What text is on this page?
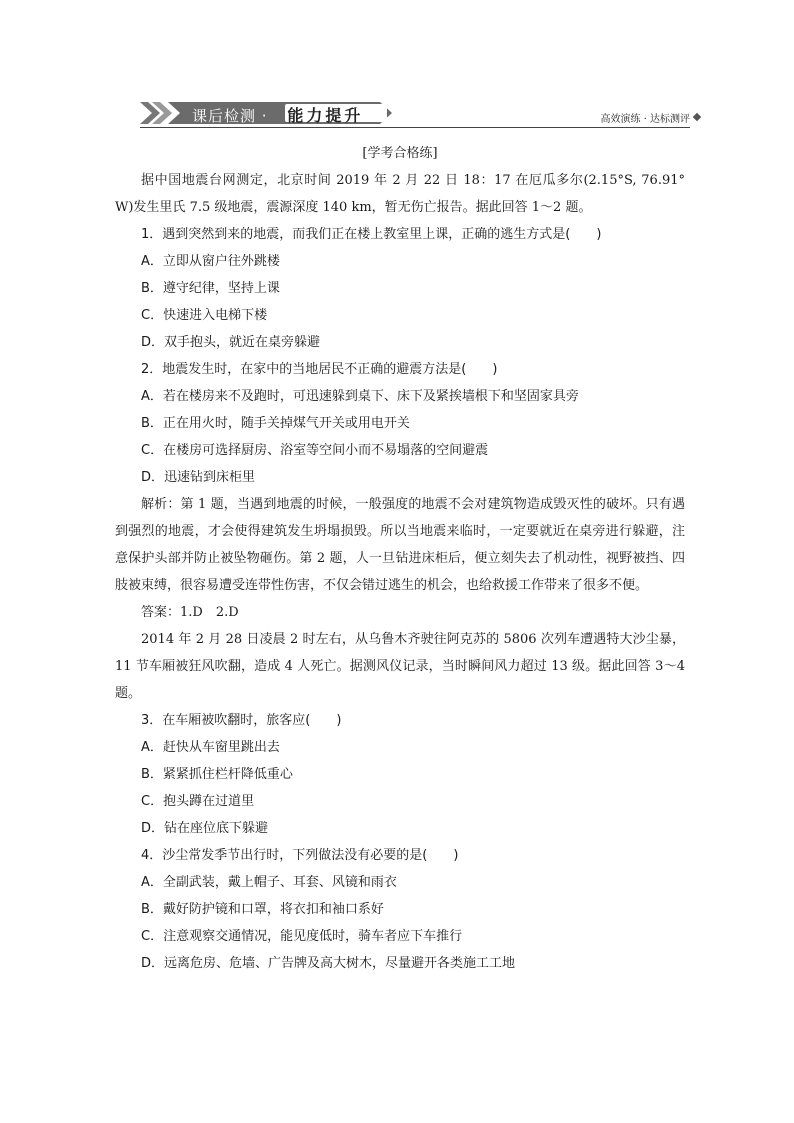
课后检测 · 能力提升	高效演练 · 达标测评
[学考合格练]

据中国地震台网测定，北京时间 2019 年 2 月 22 日 18：17 在厄瓜多尔(2.15°S, 76.91° W)发生里氏 7.5 级地震，震源深度 140 km，暂无伤亡报告。据此回答 1～2 题。

1．遇到突然到来的地震，而我们正在楼上教室里上课，正确的逃生方式是(　　)

A．立即从窗户往外跳楼

B．遵守纪律，坚持上课

C．快速进入电梯下楼

D．双手抱头，就近在桌旁躲避

2．地震发生时，在家中的当地居民不正确的避震方法是(　　)

A．若在楼房来不及跑时，可迅速躲到桌下、床下及紧挨墙根下和坚固家具旁

B．正在用火时，随手关掉煤气开关或用电开关

C．在楼房可选择厨房、浴室等空间小而不易塌落的空间避震

D．迅速钻到床柜里

解析：第 1 题，当遇到地震的时候，一般强度的地震不会对建筑物造成毁灭性的破坏。只有遇到强烈的地震，才会使得建筑发生坍塌损毁。所以当地震来临时，一定要就近在桌旁进行躲避，注意保护头部并防止被坠物砸伤。第 2 题，人一旦钻进床柜后，便立刻失去了机动性，视野被挡、四肢被束缚，很容易遭受连带性伤害，不仅会错过逃生的机会，也给救援工作带来了很多不便。

答案：1.D　2.D

2014 年 2 月 28 日凌晨 2 时左右，从乌鲁木齐驶往阿克苏的 5806 次列车遭遇特大沙尘暴，11 节车厢被狂风吹翻，造成 4 人死亡。据测风仪记录，当时瞬间风力超过 13 级。据此回答 3～4 题。

3．在车厢被吹翻时，旅客应(　　)

A．赶快从车窗里跳出去

B．紧紧抓住栏杆降低重心

C．抱头蹲在过道里

D．钻在座位底下躲避

4．沙尘常发季节出行时，下列做法没有必要的是(　　)

A．全副武装，戴上帽子、耳套、风镜和雨衣

B．戴好防护镜和口罩，将衣扣和袖口系好

C．注意观察交通情况，能见度低时，骑车者应下车推行

D．远离危房、危墙、广告牌及高大树木，尽量避开各类施工工地
